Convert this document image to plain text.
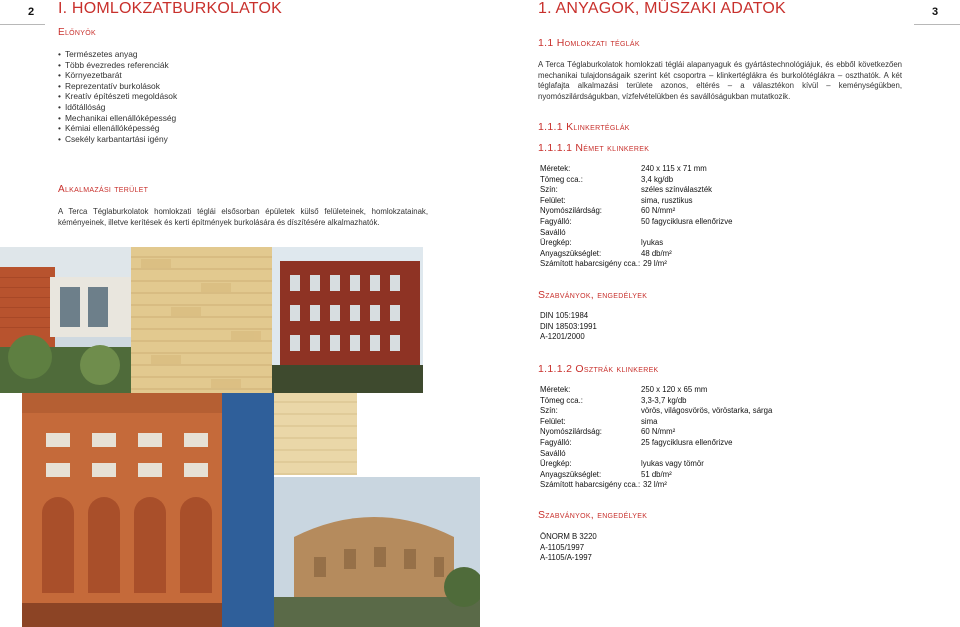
2 I. HOMLOKZATBURKOLATOK
Előnyök
• Természetes anyag
• Több évezredes referenciák
• Környezetbarát
• Reprezentatív burkolások
• Kreatív építészeti megoldások
• Időtállóság
• Mechanikai ellenállóképesség
• Kémiai ellenállóképesség
• Csekély karbantartási igény
Alkalmazási terület
A Terca Téglaburkolatok homlokzati téglái elsősorban épületek külső felületeinek, homlokzatainak, kéményeinek, illetve kerítések és kerti építmények burkolására és díszítésére alkalmazhatók.
1. ANYAGOK, MŰSZAKI ADATOK	3
1.1 Homlokzati téglák
A Terca Téglaburkolatok homlokzati téglái alapanyaguk és gyártástechnológiájuk, és ebből következően mechanikai tulajdonságaik szerint két csoportra – klinkertéglákra és burkolótéglákra – oszthatók. A két téglafajta alkalmazási területe azonos, eltérés – a választékon kívül – keménységükben, nyomószilárdságukban, vízfelvételükben és savállóságukban mutatkozik.
1.1.1 Klinkertéglák
1.1.1.1 Német klinkerek
Méretek:	240 x 115 x 71 mm
Tömeg cca.:	3,4 kg/db
Szín:	széles színválaszték
Felület:	sima, rusztikus
Nyomószilárdság:	60 N/mm²
Fagyálló:	50 fagyciklusra ellenőrizve
Saválló
Üregkép:	lyukas
Anyagszükséglet:	48 db/m²
Számított habarcsigény cca.: 29 l/m²
Szabványok, engedélyek
DIN 105:1984
DIN 18503:1991
A-1201/2000
1.1.1.2 Osztrák klinkerek
Méretek:	250 x 120 x 65 mm
Tömeg cca.:	3,3-3,7 kg/db
Szín:	vörös, világosvörös, vöröstarka, sárga
Felület:	sima
Nyomószilárdság:	60 N/mm²
Fagyálló:	25 fagyciklusra ellenőrizve
Saválló
Üregkép:	lyukas vagy tömör
Anyagszükséglet:	51 db/m²
Számított habarcsigény cca.: 32 l/m²
Szabványok, engedélyek
ÖNORM B 3220
A-1105/1997
A-1105/A-1997
